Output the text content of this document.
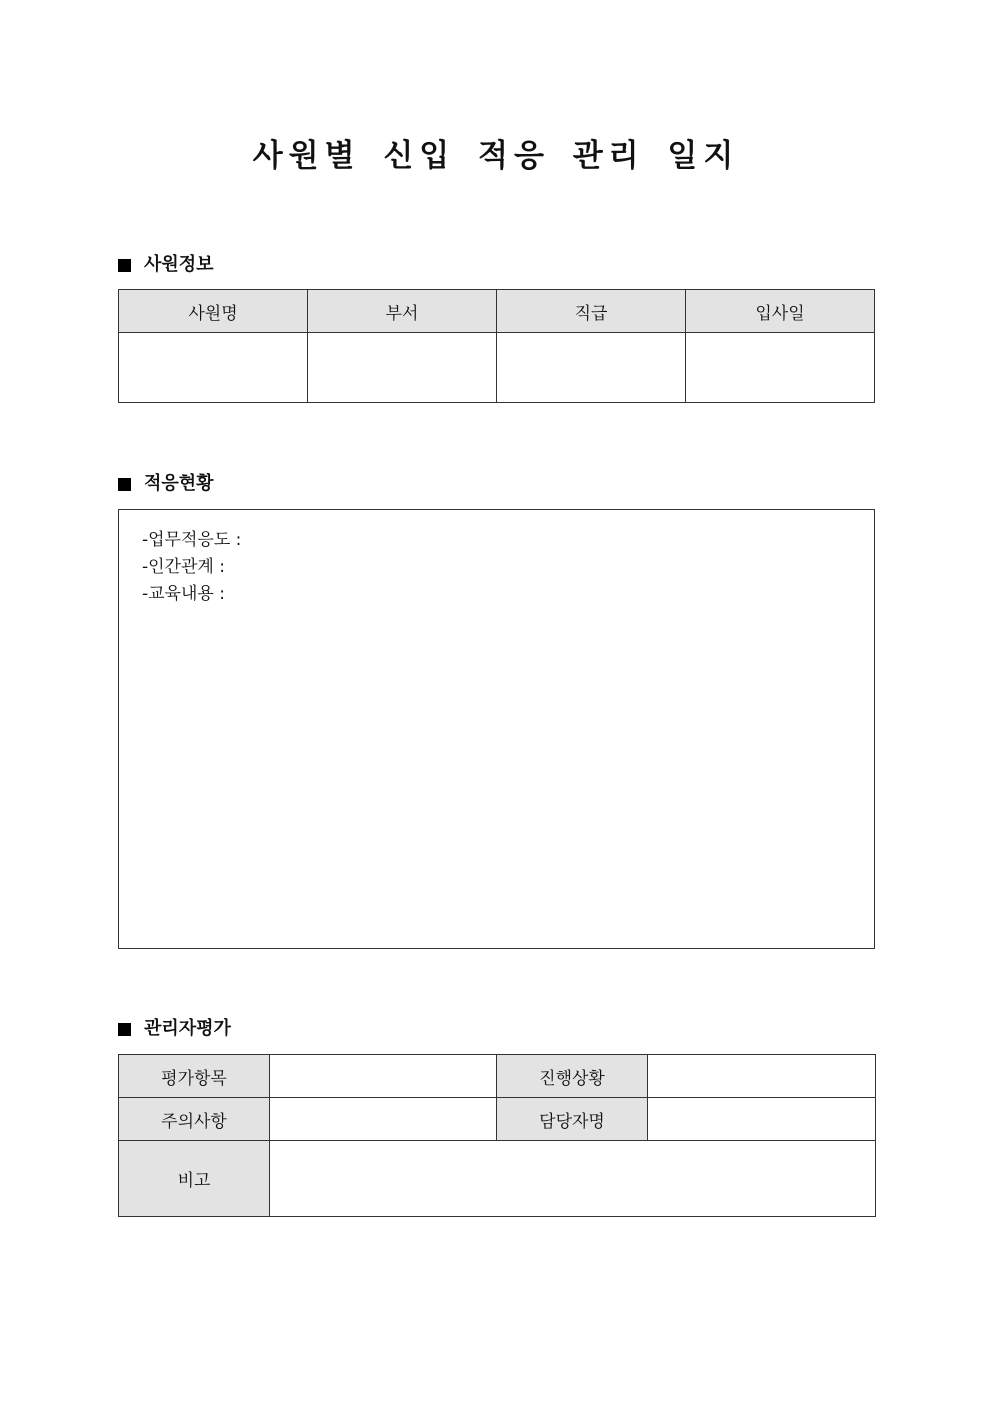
사원별 신입 적응 관리 일지
사원정보
사원명	부서	직급	입사일

적응현황
-업무적응도 :
-인간관계 :
-교육내용 :
관리자평가
평가항목		진행상황	
주의사항		담당자명	
비고			
